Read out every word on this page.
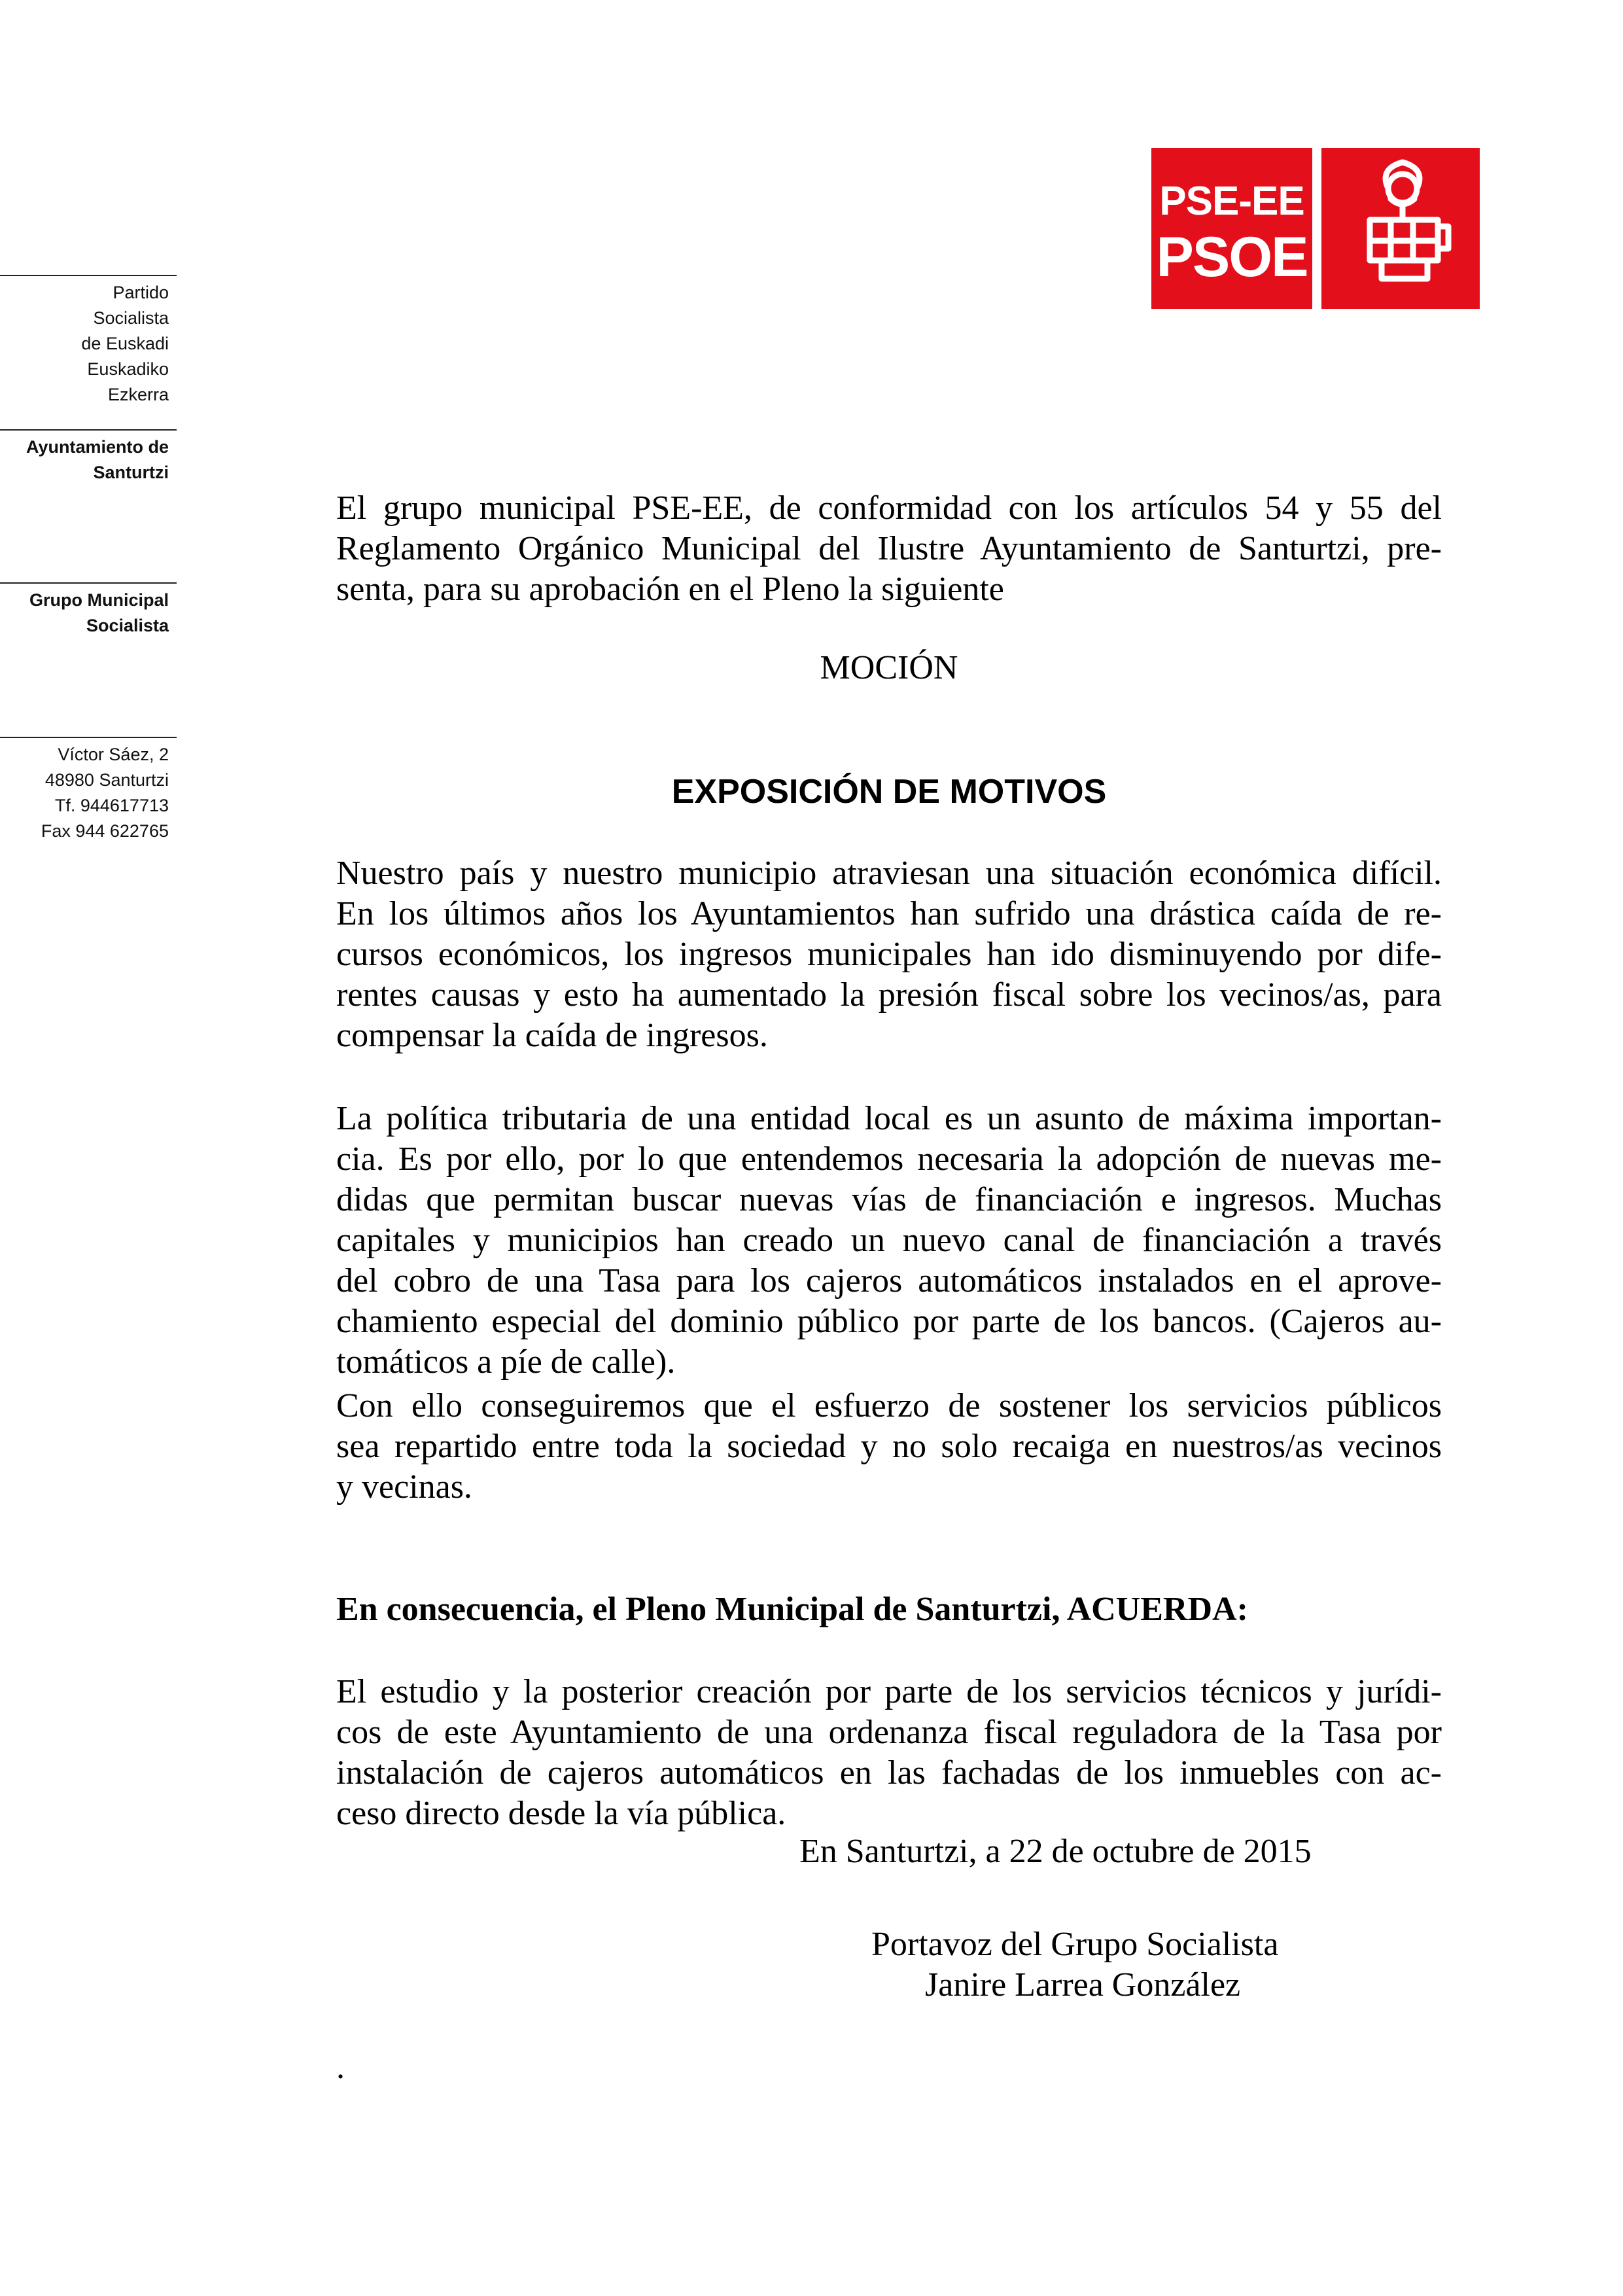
Partido
Socialista
de Euskadi
Euskadiko
Ezkerra
Ayuntamiento de
Santurtzi
Grupo Municipal
Socialista
Víctor Sáez, 2
48980 Santurtzi
Tf. 944617713
Fax 944 622765
PSE-EE
PSOE
El grupo municipal PSE-EE, de conformidad con los artículos 54 y 55 del
Reglamento Orgánico Municipal del Ilustre Ayuntamiento de Santurtzi, pre-
senta, para su aprobación en el Pleno la siguiente
MOCIÓN
EXPOSICIÓN DE MOTIVOS
Nuestro país y nuestro municipio atraviesan una situación económica difícil.
En los últimos años los Ayuntamientos han sufrido una drástica caída de re-
cursos económicos, los ingresos municipales han ido disminuyendo por dife-
rentes causas y esto ha aumentado la presión fiscal sobre los vecinos/as, para
compensar la caída de ingresos.
La política tributaria de una entidad local es un asunto de máxima importan-
cia. Es por ello, por lo que entendemos necesaria la adopción de nuevas me-
didas que permitan buscar nuevas vías de financiación e ingresos. Muchas
capitales y municipios han creado un nuevo canal de financiación a través
del cobro de una Tasa para los cajeros automáticos instalados en el aprove-
chamiento especial del dominio público por parte de los bancos. (Cajeros au-
tomáticos a píe de calle).
Con ello conseguiremos que el esfuerzo de sostener los servicios públicos
sea repartido entre toda la sociedad y no solo recaiga en nuestros/as vecinos
y vecinas.
En consecuencia, el Pleno Municipal de Santurtzi, ACUERDA:
El estudio y la posterior creación por parte de los servicios técnicos y jurídi-
cos de este Ayuntamiento de una ordenanza fiscal reguladora de la Tasa por
instalación de cajeros automáticos en las fachadas de los inmuebles con ac-
ceso directo desde la vía pública.
En Santurtzi, a 22 de octubre de 2015
Portavoz del Grupo Socialista
Janire Larrea González
.
